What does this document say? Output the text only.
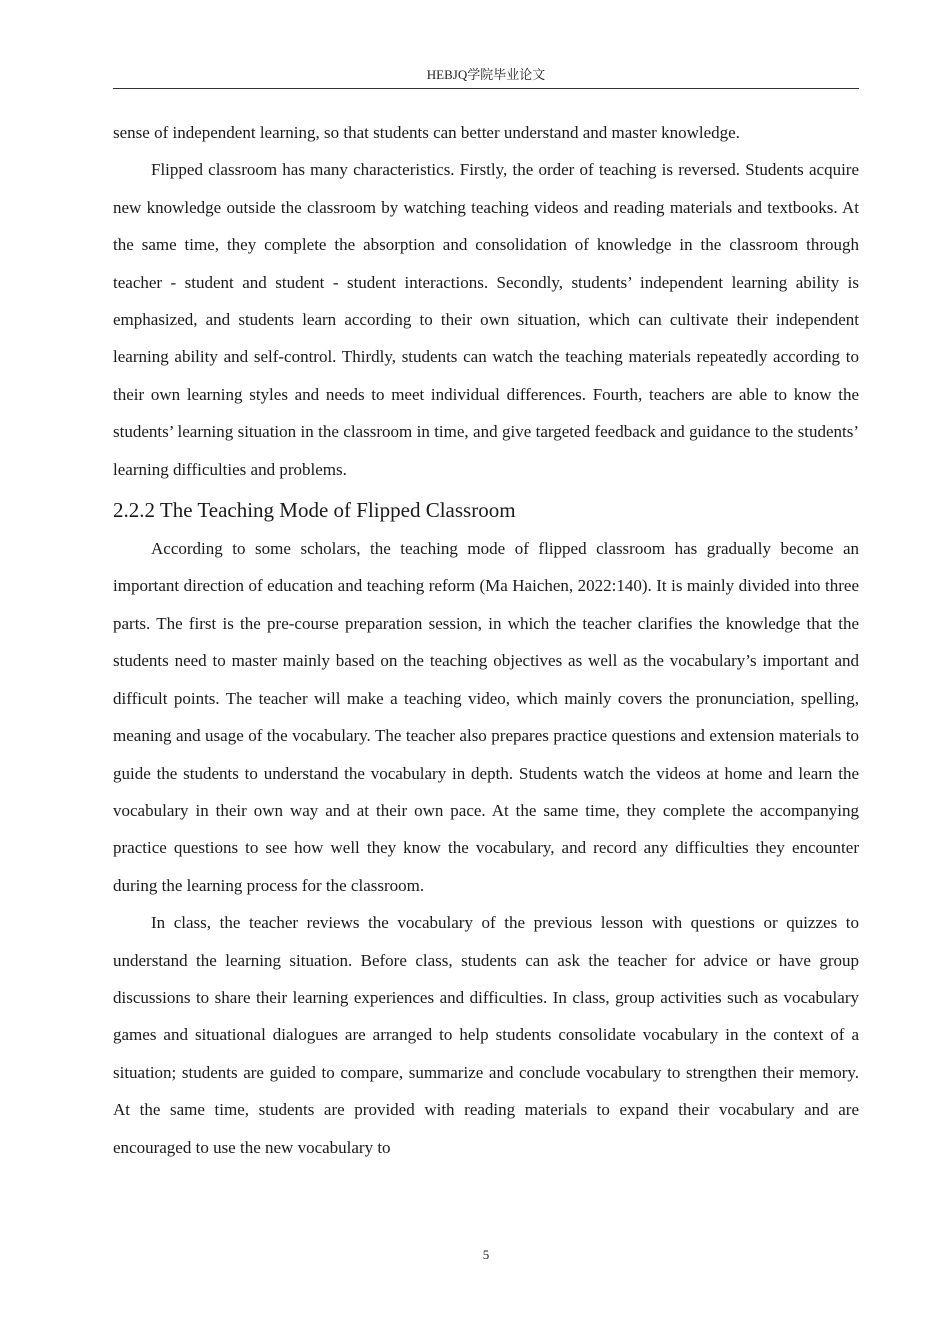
HEBJQ学院毕业论文

sense of independent learning, so that students can better understand and master knowledge.

Flipped classroom has many characteristics. Firstly, the order of teaching is reversed. Students acquire new knowledge outside the classroom by watching teaching videos and reading materials and textbooks. At the same time, they complete the absorption and consolidation of knowledge in the classroom through teacher - student and student - student interactions. Secondly, students’ independent learning ability is emphasized, and students learn according to their own situation, which can cultivate their independent learning ability and self-control. Thirdly, students can watch the teaching materials repeatedly according to their own learning styles and needs to meet individual differences. Fourth, teachers are able to know the students’ learning situation in the classroom in time, and give targeted feedback and guidance to the students’ learning difficulties and problems.

2.2.2 The Teaching Mode of Flipped Classroom

According to some scholars, the teaching mode of flipped classroom has gradually become an important direction of education and teaching reform (Ma Haichen, 2022:140). It is mainly divided into three parts. The first is the pre-course preparation session, in which the teacher clarifies the knowledge that the students need to master mainly based on the teaching objectives as well as the vocabulary’s important and difficult points. The teacher will make a teaching video, which mainly covers the pronunciation, spelling, meaning and usage of the vocabulary. The teacher also prepares practice questions and extension materials to guide the students to understand the vocabulary in depth. Students watch the videos at home and learn the vocabulary in their own way and at their own pace. At the same time, they complete the accompanying practice questions to see how well they know the vocabulary, and record any difficulties they encounter during the learning process for the classroom.

In class, the teacher reviews the vocabulary of the previous lesson with questions or quizzes to understand the learning situation. Before class, students can ask the teacher for advice or have group discussions to share their learning experiences and difficulties. In class, group activities such as vocabulary games and situational dialogues are arranged to help students consolidate vocabulary in the context of a situation; students are guided to compare, summarize and conclude vocabulary to strengthen their memory. At the same time, students are provided with reading materials to expand their vocabulary and are encouraged to use the new vocabulary to

5
